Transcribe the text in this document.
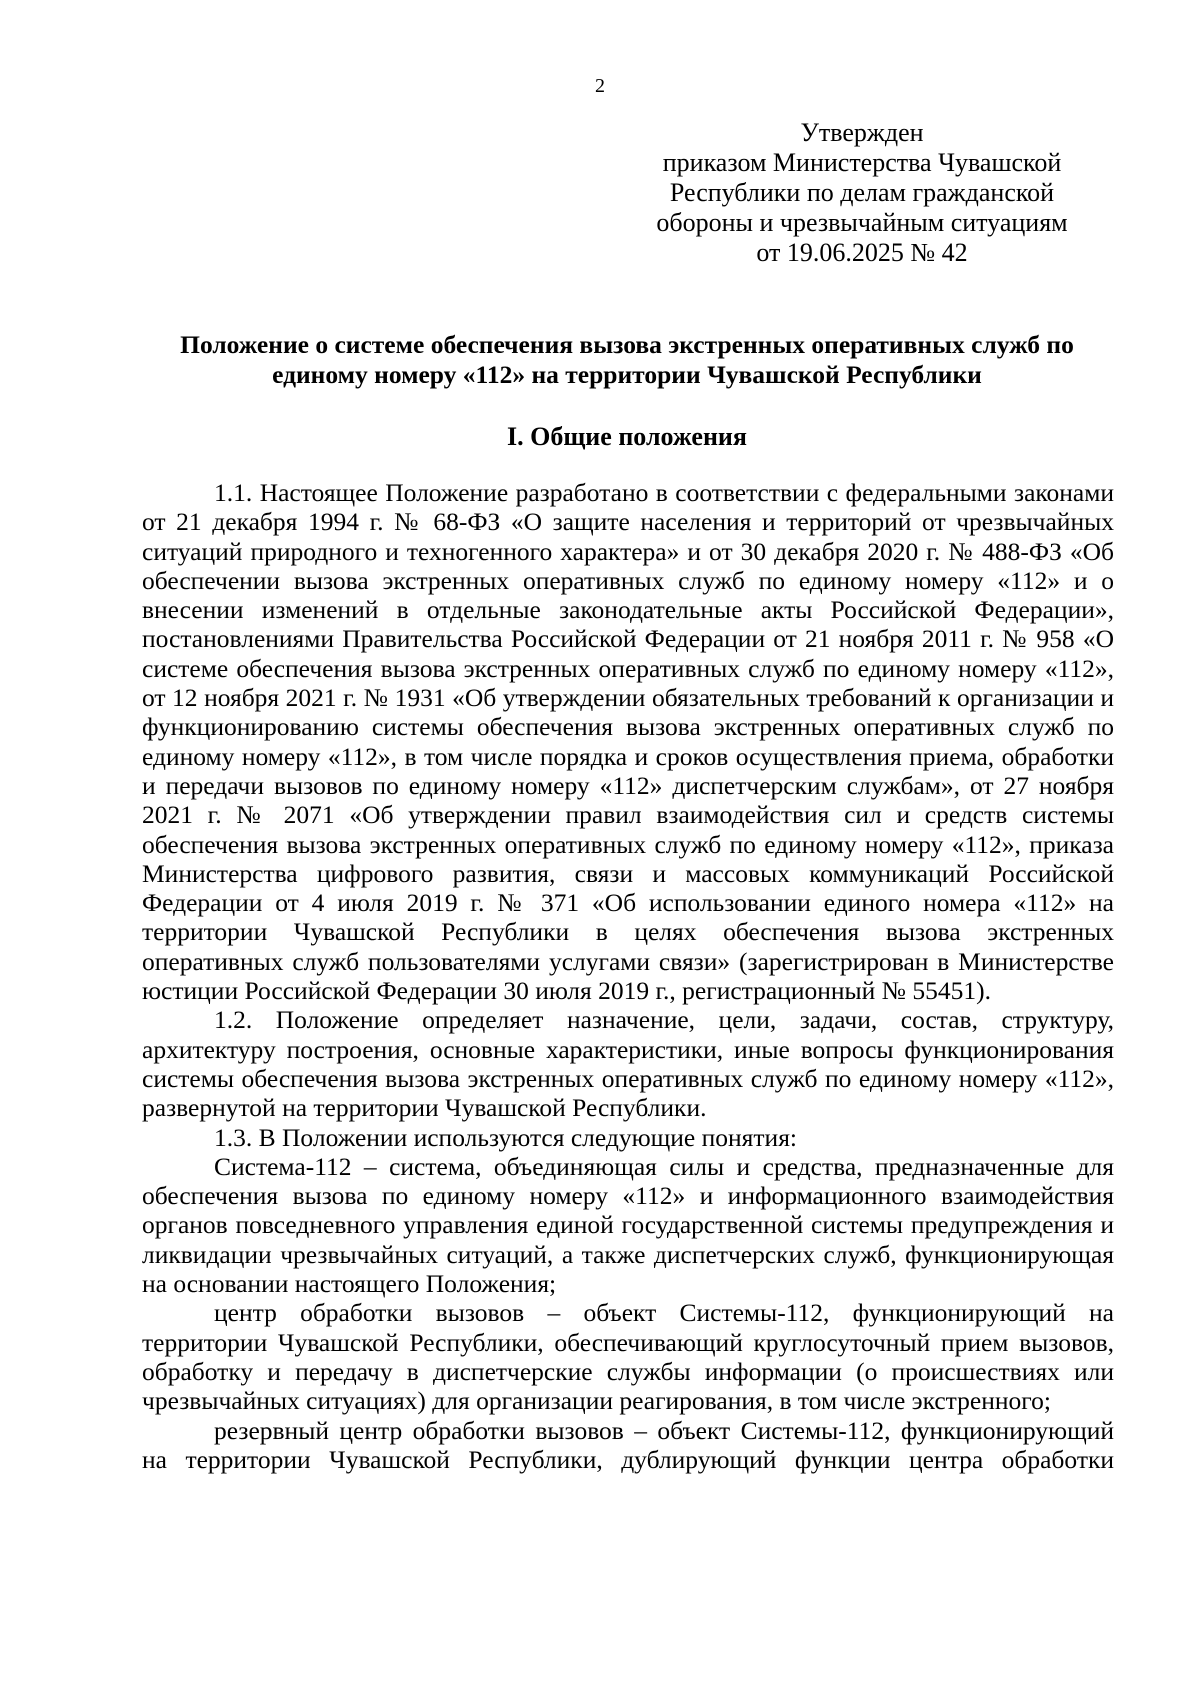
2
Утвержден
приказом Министерства Чувашской
Республики по делам гражданской
обороны и чрезвычайным ситуациям
от 19.06.2025 № 42
Положение о системе обеспечения вызова экстренных оперативных служб по
единому номеру «112» на территории Чувашской Республики
I. Общие положения

1.1. Настоящее Положение разработано в соответствии с федеральными законами от 21 декабря 1994 г. № 68-ФЗ «О защите населения и территорий от чрезвычайных ситуаций природного и техногенного характера» и от 30 декабря 2020 г. № 488-ФЗ «Об обеспечении вызова экстренных оперативных служб по единому номеру «112» и о внесении изменений в отдельные законодательные акты Российской Федерации», постановлениями Правительства Российской Федерации от 21 ноября 2011 г. № 958 «О системе обеспечения вызова экстренных оперативных служб по единому номеру «112», от 12 ноября 2021 г. № 1931 «Об утверждении обязательных требований к организации и функционированию системы обеспечения вызова экстренных оперативных служб по единому номеру «112», в том числе порядка и сроков осуществления приема, обработки и передачи вызовов по единому номеру «112» диспетчерским службам», от 27 ноября 2021 г. № 2071 «Об утверждении правил взаимодействия сил и средств системы обеспечения вызова экстренных оперативных служб по единому номеру «112», приказа Министерства цифрового развития, связи и массовых коммуникаций Российской Федерации от 4 июля 2019 г. № 371 «Об использовании единого номера «112» на территории Чувашской Республики в целях обеспечения вызова экстренных оперативных служб пользователями услугами связи» (зарегистрирован в Министерстве юстиции Российской Федерации 30 июля 2019 г., регистрационный № 55451).

1.2. Положение определяет назначение, цели, задачи, состав, структуру, архитектуру построения, основные характеристики, иные вопросы функционирования системы обеспечения вызова экстренных оперативных служб по единому номеру «112», развернутой на территории Чувашской Республики.

1.3. В Положении используются следующие понятия:

Система-112 – система, объединяющая силы и средства, предназначенные для обеспечения вызова по единому номеру «112» и информационного взаимодействия органов повседневного управления единой государственной системы предупреждения и ликвидации чрезвычайных ситуаций, а также диспетчерских служб, функционирующая на основании настоящего Положения;

центр обработки вызовов – объект Системы-112, функционирующий на территории Чувашской Республики, обеспечивающий круглосуточный прием вызовов, обработку и передачу в диспетчерские службы информации (о происшествиях или чрезвычайных ситуациях) для организации реагирования, в том числе экстренного;

резервный центр обработки вызовов – объект Системы-112, функционирующий на территории Чувашской Республики, дублирующий функции центра обработки
